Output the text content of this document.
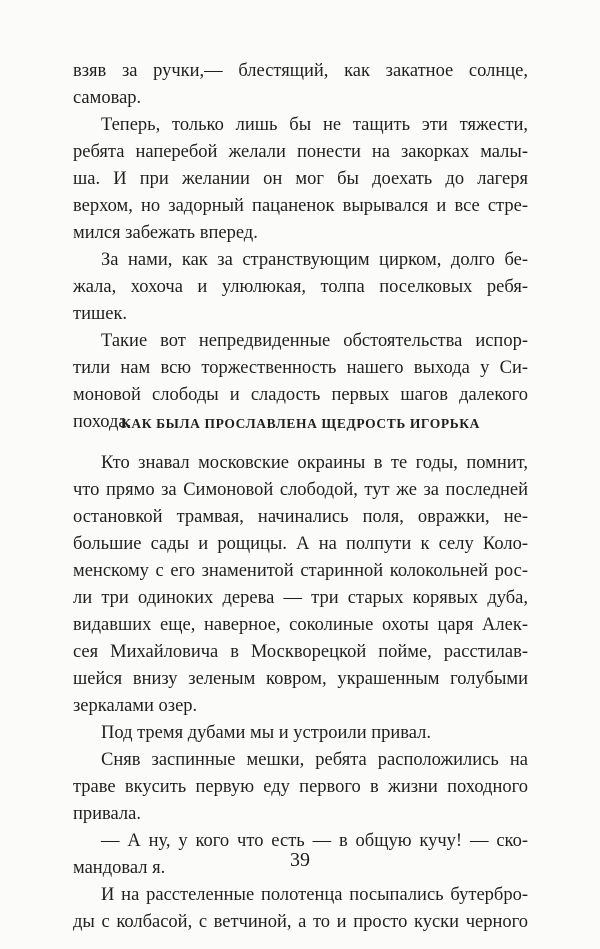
взяв за ручки,— блестящий, как закатное солнце,
самовар.
Теперь, только лишь бы не тащить эти тяжести,
ребята наперебой желали понести на закорках малы-
ша. И при желании он мог бы доехать до лагеря
верхом, но задорный пацаненок вырывался и все стре-
мился забежать вперед.
За нами, как за странствующим цирком, долго бе-
жала, хохоча и улюлюкая, толпа поселковых ребя-
тишек.
Такие вот непредвиденные обстоятельства испор-
тили нам всю торжественность нашего выхода у Си-
моновой слободы и сладость первых шагов далекого
похода.
КАК БЫЛА ПРОСЛАВЛЕНА ЩЕДРОСТЬ ИГОРЬКА
Кто знавал московские окраины в те годы, помнит,
что прямо за Симоновой слободой, тут же за последней
остановкой трамвая, начинались поля, овражки, не-
большие сады и рощицы. А на полпути к селу Коло-
менскому с его знаменитой старинной колокольней рос-
ли три одиноких дерева — три старых корявых дуба,
видавших еще, наверное, соколиные охоты царя Алек-
сея Михайловича в Москворецкой пойме, расстилав-
шейся внизу зеленым ковром, украшенным голубыми
зеркалами озер.
Под тремя дубами мы и устроили привал.
Сняв заспинные мешки, ребята расположились на
траве вкусить первую еду первого в жизни походного
привала.
— А ну, у кого что есть — в общую кучу! — ско-
мандовал я.
И на расстеленные полотенца посыпались бутербро-
ды с колбасой, с ветчиной, а то и просто куски черного
39
